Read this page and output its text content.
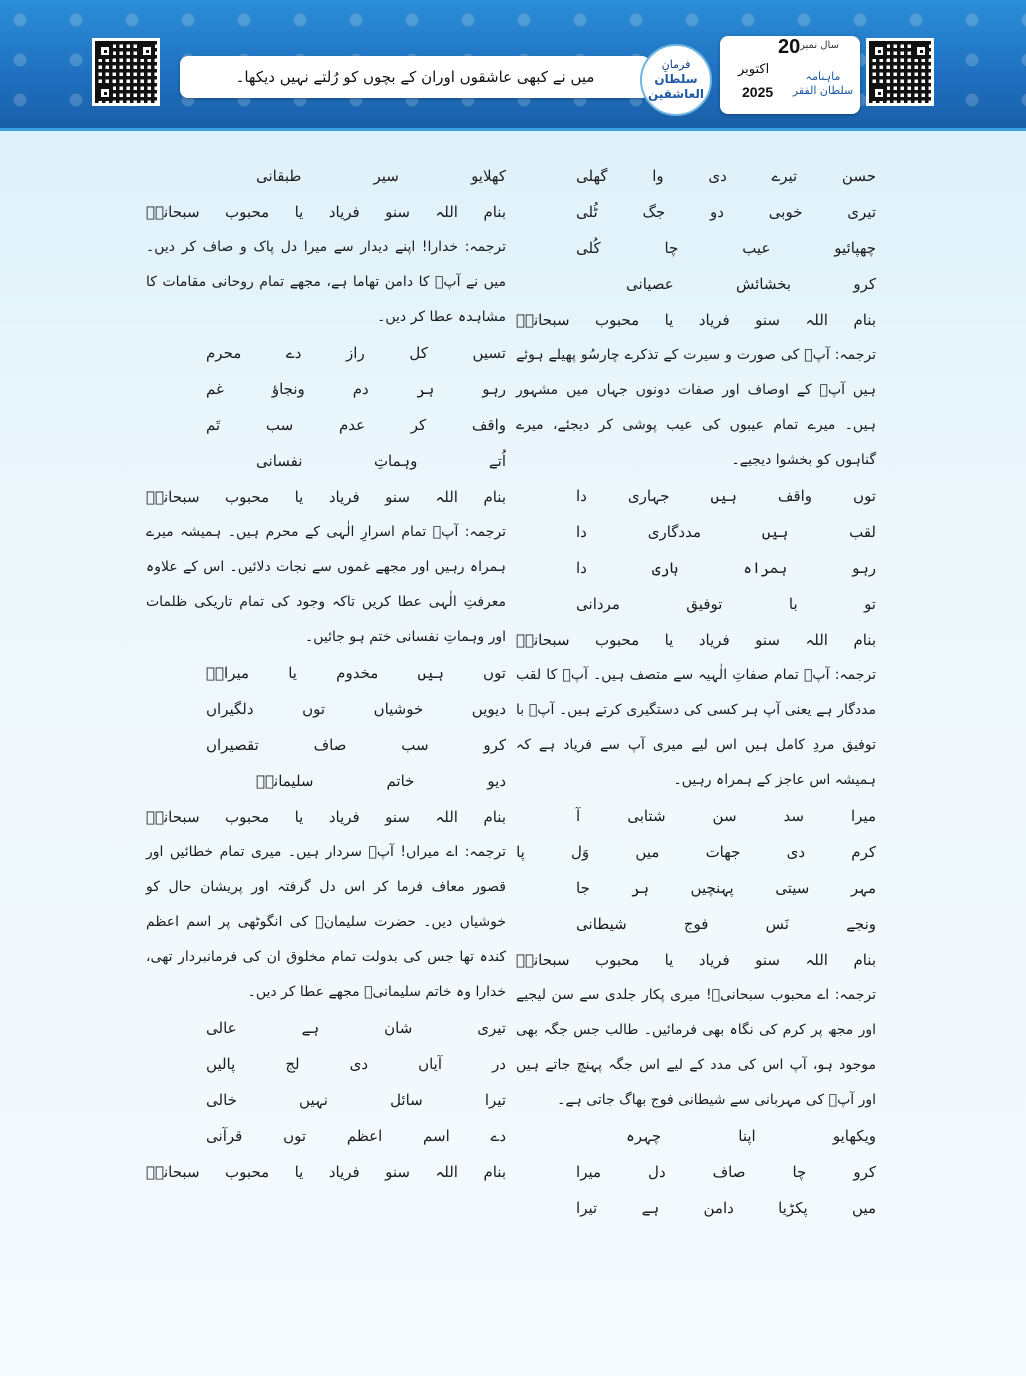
میں نے کبھی عاشقوں اوران کے بچوں کو رُلتے نہیں دیکھا۔
فرمانِ
سلطان العاشقین
20 سال نمبر
اکتوبر
2025
ماہنامہ سلطان الفقر
حسن
تیرے
دی
وا
گھلی
تیری
خوبی
دو
جگ
ٹُلی
چھپائیو
عیب
چا
کُلی
کرو
بخشائش
عصیانی
بنام
اللہ
سنو
فریاد
یا
محبوب
سبحانیؒ

ترجمہ: آپؒ کی صورت و سیرت کے تذکرے چارسُو پھیلے ہوئے ہیں آپؒ کے اوصاف اور صفات دونوں جہاں میں مشہور ہیں۔ میرے تمام عیبوں کی عیب پوشی کر دیجئے، میرے گناہوں کو بخشوا دیجیے۔

توں
واقف
ہیں
جہاری
دا
لقب
ہیں
مددگاری
دا
رہو
ہمراہ
ہاری
دا
تو
با
توفیق
مردانی
بنام
اللہ
سنو
فریاد
یا
محبوب
سبحانیؒ

ترجمہ: آپؒ تمام صفاتِ الٰہیہ سے متصف ہیں۔ آپؒ کا لقب مددگار ہے یعنی آپ ہر کسی کی دستگیری کرتے ہیں۔ آپؒ با توفیق مردِ کامل ہیں اس لیے میری آپ سے فریاد ہے کہ ہمیشہ اس عاجز کے ہمراہ رہیں۔

میرا
سد
سن
شتابی
آ
کرم
دی
جھات
میں
وَل
پا
مہر
سیتی
پہنچیں
ہر
جا
ونجے
نَس
فوج
شیطانی
بنام
اللہ
سنو
فریاد
یا
محبوب
سبحانیؒ

ترجمہ: اے محبوب سبحانیؒ! میری پکار جلدی سے سن لیجیے اور مجھ پر کرم کی نگاہ بھی فرمائیں۔ طالب جس جگہ بھی موجود ہو، آپ اس کی مدد کے لیے اس جگہ پہنچ جاتے ہیں اور آپؒ کی مہربانی سے شیطانی فوج بھاگ جاتی ہے۔

ویکھایو
اپنا
چہرہ
کرو
چا
صاف
دل
میرا
میں
پکڑیا
دامن
ہے
تیرا
کھلایو
سیر
طبقانی
بنام
اللہ
سنو
فریاد
یا
محبوب
سبحانیؒ

ترجمہ: خدارا! اپنے دیدار سے میرا دل پاک و صاف کر دیں۔ میں نے آپؒ کا دامن تھاما ہے، مجھے تمام روحانی مقامات کا مشاہدہ عطا کر دیں۔

تسیں
کل
راز
دے
محرم
رہو
ہر
دم
ونجاؤ
غم
واقف
کر
عدم
سب
تَم
اُتے
وہماتِ
نفسانی
بنام
اللہ
سنو
فریاد
یا
محبوب
سبحانیؒ

ترجمہ: آپؒ تمام اسرارِ الٰہی کے محرم ہیں۔ ہمیشہ میرے ہمراہ رہیں اور مجھے غموں سے نجات دلائیں۔ اس کے علاوہ معرفتِ الٰہی عطا کریں تاکہ وجود کی تمام تاریکی ظلمات اور وہماتِ نفسانی ختم ہو جائیں۔

توں
ہیں
مخدوم
یا
میرانؒ
دیویں
خوشیاں
توں
دلگیراں
کرو
سب
صاف
تقصیراں
دیو
خاتم
سلیمانیؑ
بنام
اللہ
سنو
فریاد
یا
محبوب
سبحانیؒ

ترجمہ: اے میراں! آپؒ سردار ہیں۔ میری تمام خطائیں اور قصور معاف فرما کر اس دل گرفتہ اور پریشان حال کو خوشیاں دیں۔ حضرت سلیمانؑ کی انگوٹھی پر اسم اعظم کندہ تھا جس کی بدولت تمام مخلوق ان کی فرمانبردار تھی، خدارا وہ خاتم سلیمانیؑ مجھے عطا کر دیں۔

تیری
شان
ہے
عالی
در
آیاں
دی
لج
پالیں
تیرا
سائل
نہیں
خالی
دے
اسم
اعظم
توں
قرآنی
بنام
اللہ
سنو
فریاد
یا
محبوب
سبحانیؒ
